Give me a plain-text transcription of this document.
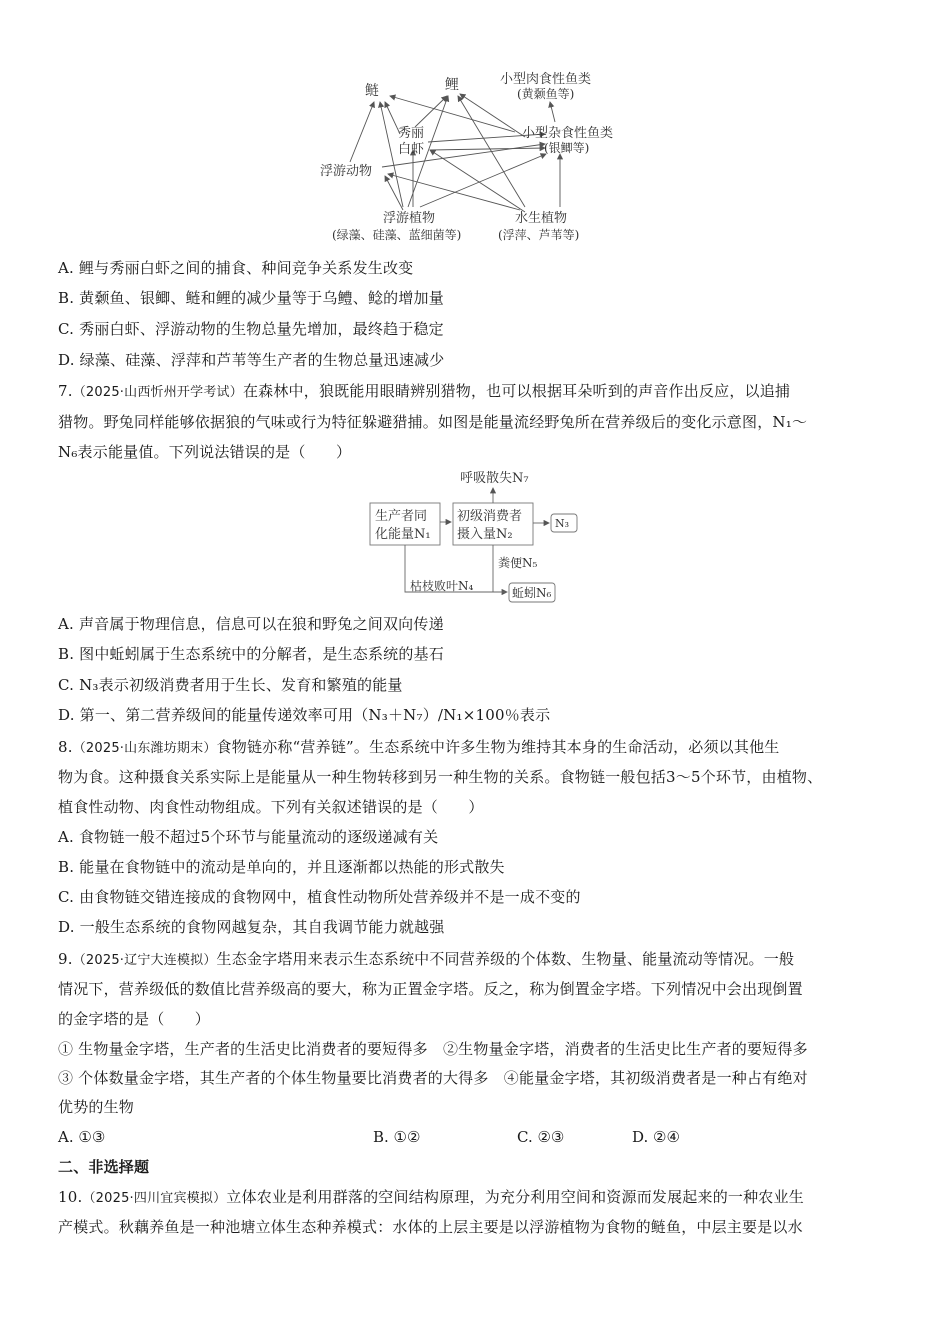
鲢	鲤	小型肉食性鱼类
(黄颡鱼等)
秀丽
白虾
小型杂食性鱼类
(银鲫等)
浮游动物
浮游植物
(绿藻、硅藻、蓝细菌等)
水生植物
(浮萍、芦苇等)
A. 鲤与秀丽白虾之间的捕食、种间竞争关系发生改变
B. 黄颡鱼、银鲫、鲢和鲤的减少量等于乌鳢、鲶的增加量
C. 秀丽白虾、浮游动物的生物总量先增加，最终趋于稳定
D. 绿藻、硅藻、浮萍和芦苇等生产者的生物总量迅速减少
7.（2025·山西忻州开学考试）在森林中，狼既能用眼睛辨别猎物，也可以根据耳朵听到的声音作出反应，以追捕
猎物。野兔同样能够依据狼的气味或行为特征躲避猎捕。如图是能量流经野兔所在营养级后的变化示意图，N₁～
N₆表示能量值。下列说法错误的是（　　）
呼吸散失N₇
生产者同
化能量N₁
初级消费者
摄入量N₂
N₃
粪便N₅
枯枝败叶N₄	蚯蚓N₆
A. 声音属于物理信息，信息可以在狼和野兔之间双向传递
B. 图中蚯蚓属于生态系统中的分解者，是生态系统的基石
C. N₃表示初级消费者用于生长、发育和繁殖的能量
D. 第一、第二营养级间的能量传递效率可用（N₃＋N₇）/N₁×100％表示
8.（2025·山东潍坊期末）食物链亦称“营养链”。生态系统中许多生物为维持其本身的生命活动，必须以其他生
物为食。这种摄食关系实际上是能量从一种生物转移到另一种生物的关系。食物链一般包括3～5个环节，由植物、
植食性动物、肉食性动物组成。下列有关叙述错误的是（　　）
A. 食物链一般不超过5个环节与能量流动的逐级递减有关
B. 能量在食物链中的流动是单向的，并且逐渐都以热能的形式散失
C. 由食物链交错连接成的食物网中，植食性动物所处营养级并不是一成不变的
D. 一般生态系统的食物网越复杂，其自我调节能力就越强
9.（2025·辽宁大连模拟）生态金字塔用来表示生态系统中不同营养级的个体数、生物量、能量流动等情况。一般
情况下，营养级低的数值比营养级高的要大，称为正置金字塔。反之，称为倒置金字塔。下列情况中会出现倒置
的金字塔的是（　　）
① 生物量金字塔，生产者的生活史比消费者的要短得多　②生物量金字塔，消费者的生活史比生产者的要短得多
③ 个体数量金字塔，其生产者的个体生物量要比消费者的大得多　④能量金字塔，其初级消费者是一种占有绝对
优势的生物
A. ①③	B. ①②	C. ②③	D. ②④
二、非选择题
10.（2025·四川宜宾模拟）立体农业是利用群落的空间结构原理，为充分利用空间和资源而发展起来的一种农业生
产模式。秋藕养鱼是一种池塘立体生态种养模式：水体的上层主要是以浮游植物为食物的鲢鱼，中层主要是以水
